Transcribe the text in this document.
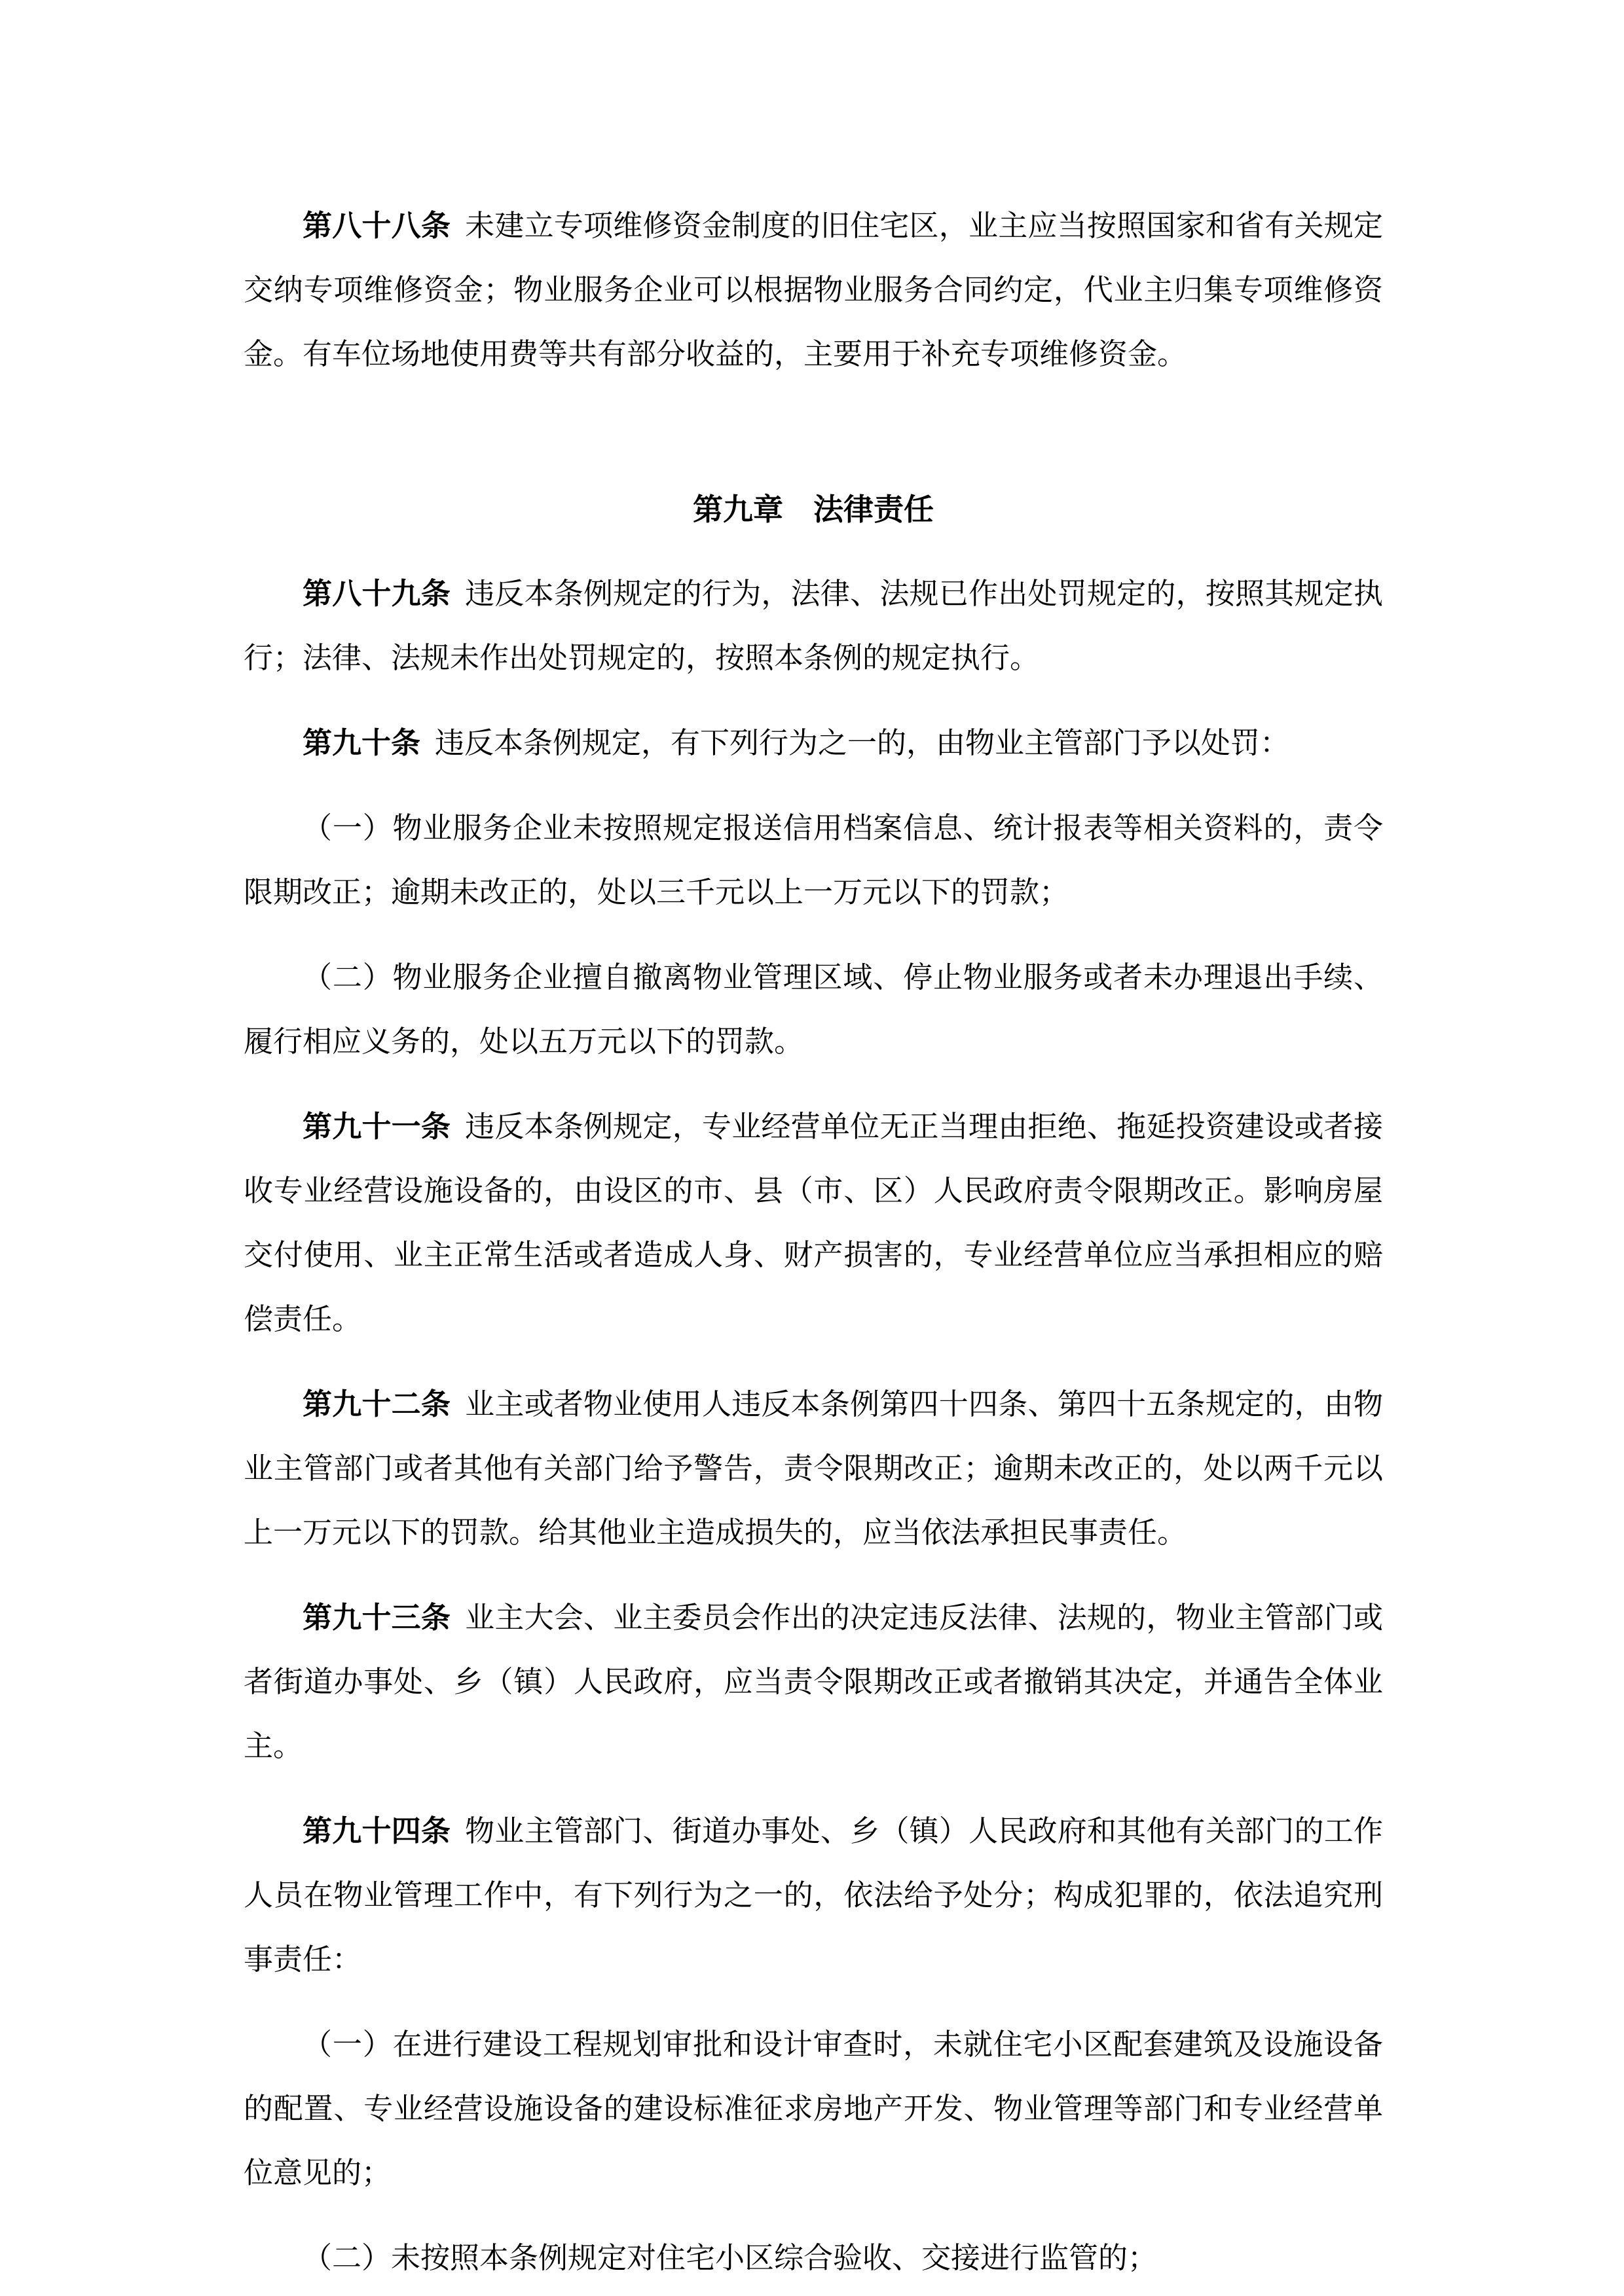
第八十八条 未建立专项维修资金制度的旧住宅区，业主应当按照国家和省有关规定交纳专项维修资金；物业服务企业可以根据物业服务合同约定，代业主归集专项维修资金。有车位场地使用费等共有部分收益的，主要用于补充专项维修资金。

第九章 法律责任

第八十九条 违反本条例规定的行为，法律、法规已作出处罚规定的，按照其规定执行；法律、法规未作出处罚规定的，按照本条例的规定执行。

第九十条 违反本条例规定，有下列行为之一的，由物业主管部门予以处罚：

（一）物业服务企业未按照规定报送信用档案信息、统计报表等相关资料的，责令限期改正；逾期未改正的，处以三千元以上一万元以下的罚款；

（二）物业服务企业擅自撤离物业管理区域、停止物业服务或者未办理退出手续、履行相应义务的，处以五万元以下的罚款。

第九十一条 违反本条例规定，专业经营单位无正当理由拒绝、拖延投资建设或者接收专业经营设施设备的，由设区的市、县（市、区）人民政府责令限期改正。影响房屋交付使用、业主正常生活或者造成人身、财产损害的，专业经营单位应当承担相应的赔偿责任。

第九十二条 业主或者物业使用人违反本条例第四十四条、第四十五条规定的，由物业主管部门或者其他有关部门给予警告，责令限期改正；逾期未改正的，处以两千元以上一万元以下的罚款。给其他业主造成损失的，应当依法承担民事责任。

第九十三条 业主大会、业主委员会作出的决定违反法律、法规的，物业主管部门或者街道办事处、乡（镇）人民政府，应当责令限期改正或者撤销其决定，并通告全体业主。

第九十四条 物业主管部门、街道办事处、乡（镇）人民政府和其他有关部门的工作人员在物业管理工作中，有下列行为之一的，依法给予处分；构成犯罪的，依法追究刑事责任：

（一）在进行建设工程规划审批和设计审查时，未就住宅小区配套建筑及设施设备的配置、专业经营设施设备的建设标准征求房地产开发、物业管理等部门和专业经营单位意见的；

（二）未按照本条例规定对住宅小区综合验收、交接进行监管的；
